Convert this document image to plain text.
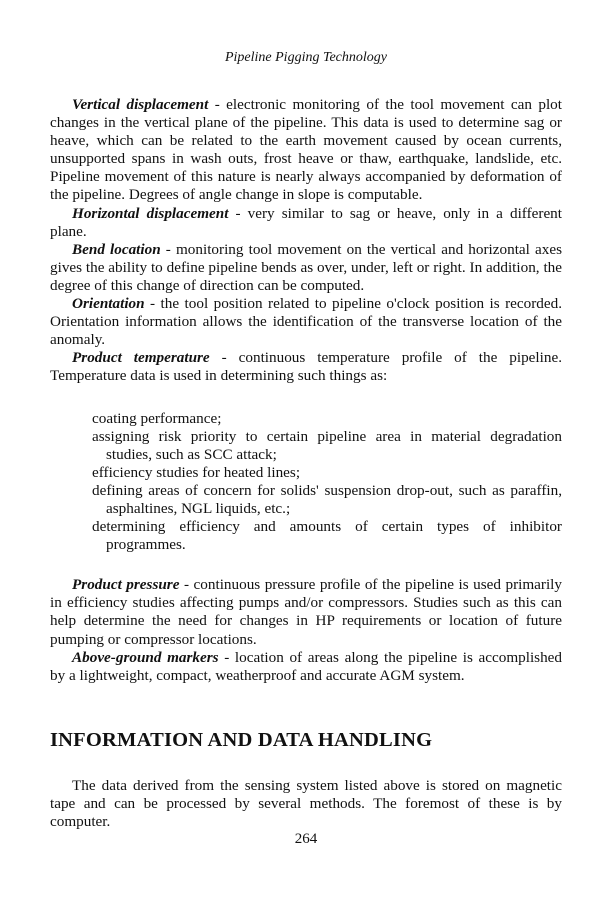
Pipeline Pigging Technology

Vertical displacement - electronic monitoring of the tool movement can plot changes in the vertical plane of the pipeline. This data is used to determine sag or heave, which can be related to the earth movement caused by ocean currents, unsupported spans in wash outs, frost heave or thaw, earthquake, landslide, etc. Pipeline movement of this nature is nearly always accompanied by deformation of the pipeline. Degrees of angle change in slope is computable.

Horizontal displacement - very similar to sag or heave, only in a different plane.

Bend location - monitoring tool movement on the vertical and horizontal axes gives the ability to define pipeline bends as over, under, left or right. In addition, the degree of this change of direction can be computed.

Orientation - the tool position related to pipeline o'clock position is recorded. Orientation information allows the identification of the transverse location of the anomaly.

Product temperature - continuous temperature profile of the pipeline. Temperature data is used in determining such things as:

coating performance;
assigning risk priority to certain pipeline area in material degradation studies, such as SCC attack;
efficiency studies for heated lines;
defining areas of concern for solids' suspension drop-out, such as paraffin, asphaltines, NGL liquids, etc.;
determining efficiency and amounts of certain types of inhibitor programmes.

Product pressure - continuous pressure profile of the pipeline is used primarily in efficiency studies affecting pumps and/or compressors. Studies such as this can help determine the need for changes in HP requirements or location of future pumping or compressor locations.

Above-ground markers - location of areas along the pipeline is accomplished by a lightweight, compact, weatherproof and accurate AGM system.

INFORMATION AND DATA HANDLING

The data derived from the sensing system listed above is stored on magnetic tape and can be processed by several methods. The foremost of these is by computer.

264
